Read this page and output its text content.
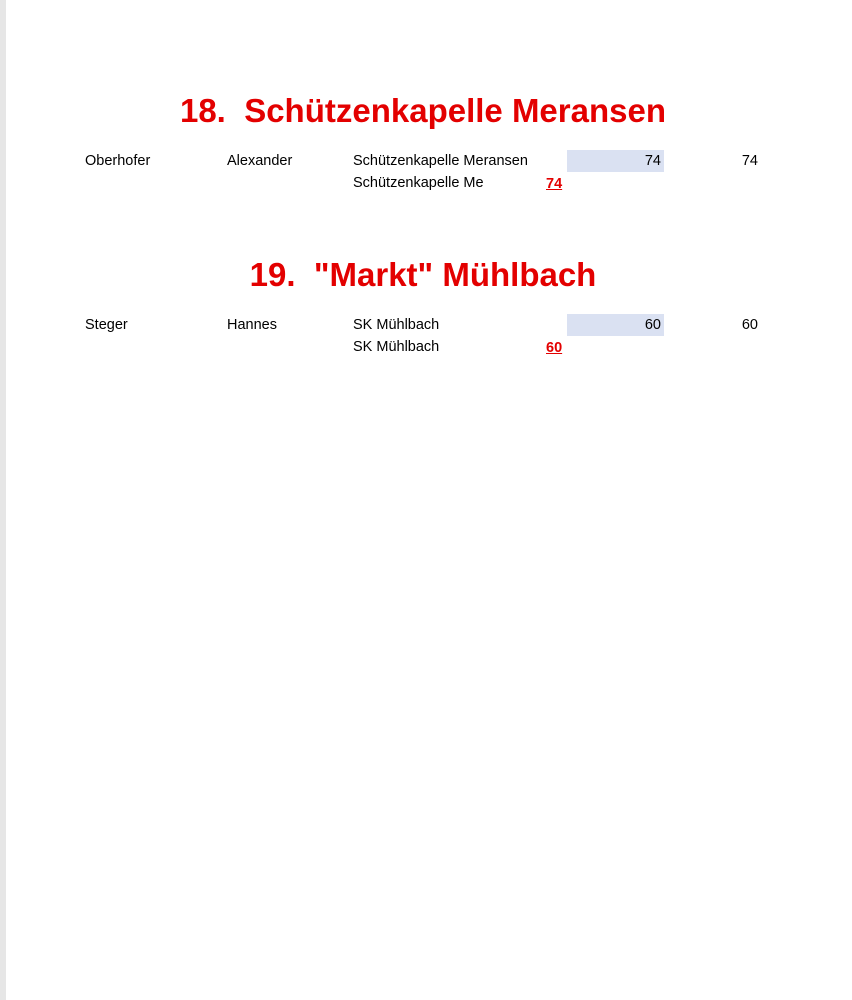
18. Schützenkapelle Meransen
Oberhofer	Alexander	Schützenkapelle Meransen	74	74
Schützenkapelle Me	74
19. "Markt" Mühlbach
Steger	Hannes	SK Mühlbach	60	60
SK Mühlbach	60
